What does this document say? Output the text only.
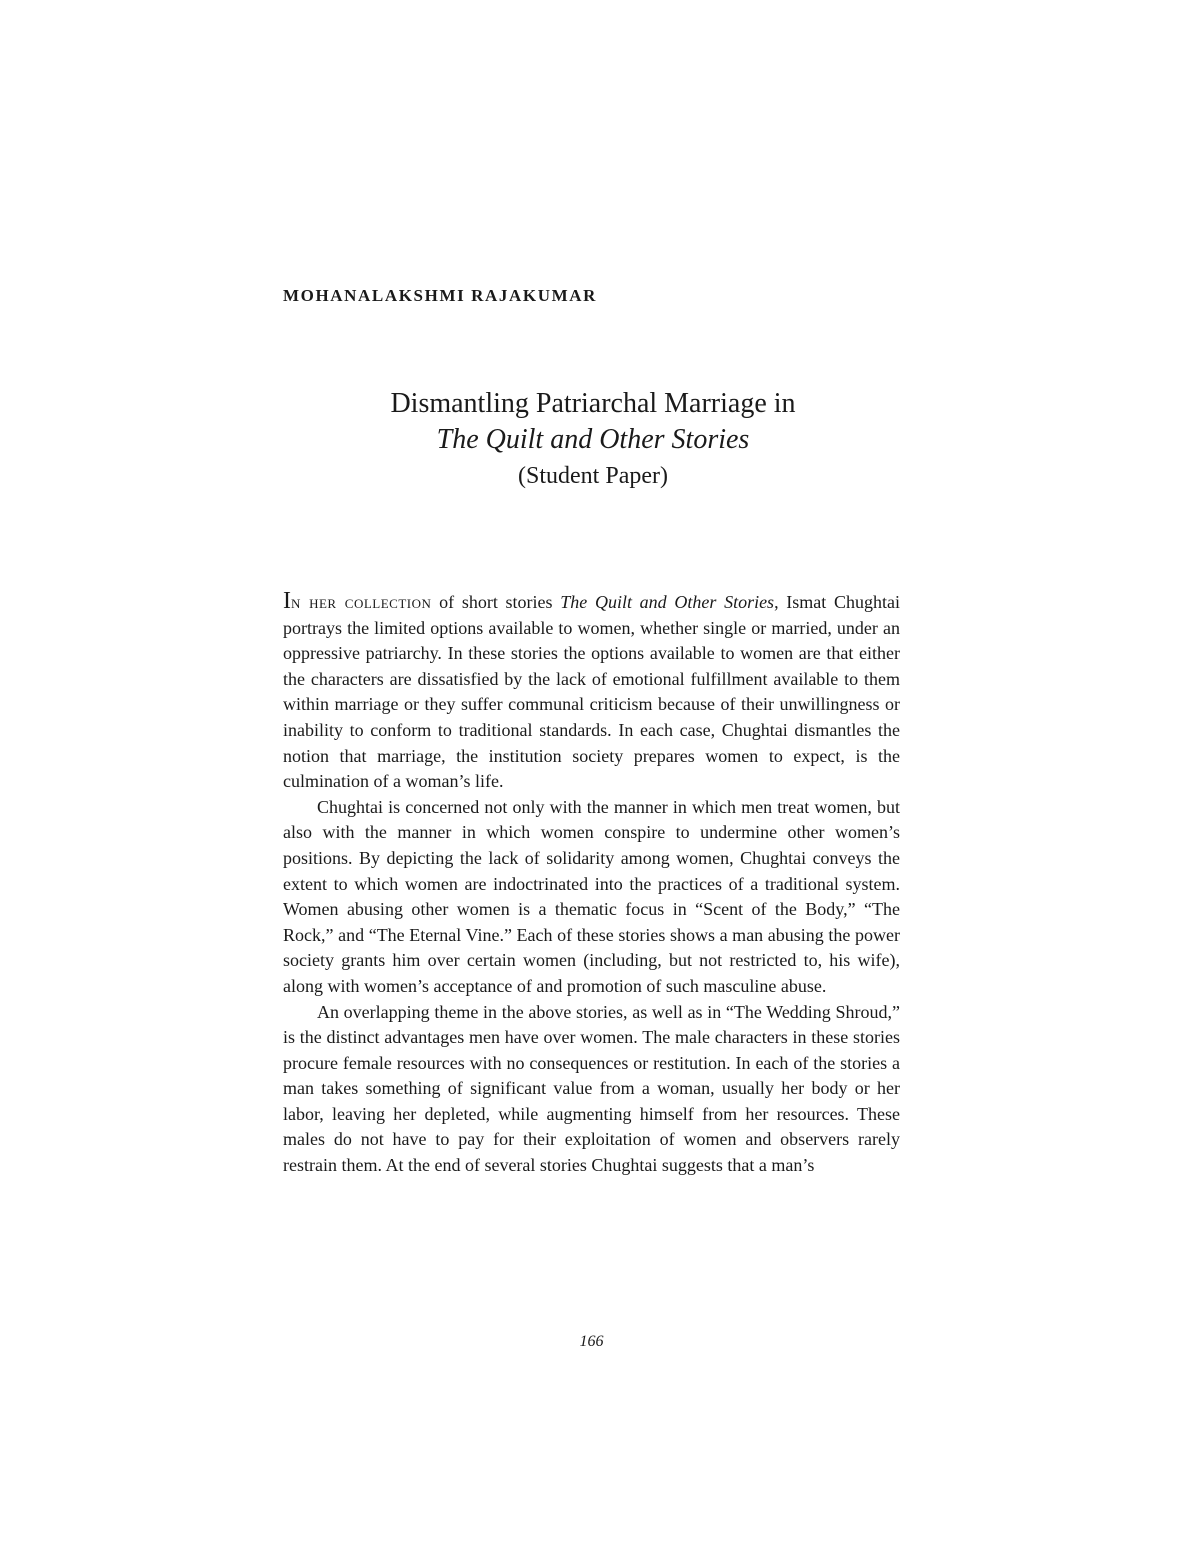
MOHANALAKSHMI RAJAKUMAR

Dismantling Patriarchal Marriage in
The Quilt and Other Stories
(Student Paper)

In her collection of short stories The Quilt and Other Stories, Ismat Chughtai portrays the limited options available to women, whether single or married, under an oppressive patriarchy. In these stories the options available to women are that either the characters are dissatisfied by the lack of emotional fulfillment available to them within marriage or they suffer communal criticism because of their unwillingness or inability to conform to traditional standards. In each case, Chughtai dismantles the notion that marriage, the institution society prepares women to expect, is the culmination of a woman’s life.

Chughtai is concerned not only with the manner in which men treat women, but also with the manner in which women conspire to undermine other women’s positions. By depicting the lack of solidarity among women, Chughtai conveys the extent to which women are indoctrinated into the practices of a traditional system. Women abusing other women is a thematic focus in “Scent of the Body,” “The Rock,” and “The Eternal Vine.” Each of these stories shows a man abusing the power society grants him over certain women (including, but not restricted to, his wife), along with women’s acceptance of and promotion of such masculine abuse.

An overlapping theme in the above stories, as well as in “The Wedding Shroud,” is the distinct advantages men have over women. The male characters in these stories procure female resources with no consequences or restitution. In each of the stories a man takes something of significant value from a woman, usually her body or her labor, leaving her depleted, while augmenting himself from her resources. These males do not have to pay for their exploitation of women and observers rarely restrain them. At the end of several stories Chughtai suggests that a man’s

166
